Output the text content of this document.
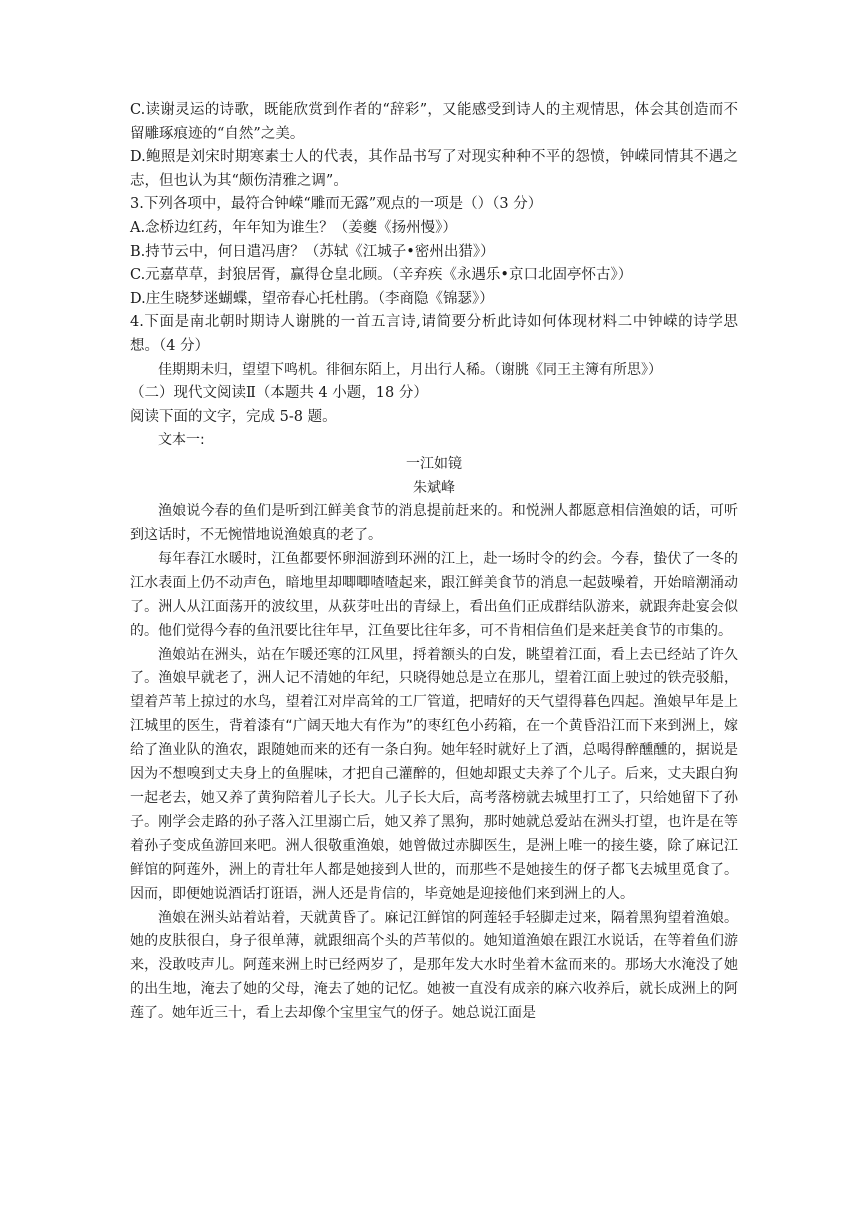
C.读谢灵运的诗歌，既能欣赏到作者的“辞彩”，又能感受到诗人的主观情思，体会其创造而不留雕琢痕迹的“自然”之美。

D.鲍照是刘宋时期寒素士人的代表，其作品书写了对现实种种不平的怨愤，钟嵘同情其不遇之志，但也认为其“颇伤清雅之调”。

3.下列各项中，最符合钟嵘“雕而无露”观点的一项是（）（3 分）

A.念桥边红药，年年知为谁生？（姜夔《扬州慢》）

B.持节云中，何日遣冯唐？（苏轼《江城子•密州出猎》）

C.元嘉草草，封狼居胥，赢得仓皇北顾。（辛弃疾《永遇乐•京口北固亭怀古》）

D.庄生晓梦迷蝴蝶，望帝春心托杜鹃。（李商隐《锦瑟》）

4.下面是南北朝时期诗人谢朓的一首五言诗,请简要分析此诗如何体现材料二中钟嵘的诗学思想。（4 分）

佳期期未归，望望下鸣机。徘徊东陌上，月出行人稀。（谢朓《同王主簿有所思》）

（二）现代文阅读Ⅱ（本题共 4 小题，18 分）

阅读下面的文字，完成 5-8 题。

文本一:

一江如镜

朱斌峰

渔娘说今春的鱼们是听到江鲜美食节的消息提前赶来的。和悦洲人都愿意相信渔娘的话，可听到这话时，不无惋惜地说渔娘真的老了。

每年春江水暖时，江鱼都要怀卵洄游到环洲的江上，赴一场时令的约会。今春，蛰伏了一冬的江水表面上仍不动声色，暗地里却唧唧喳喳起来，跟江鲜美食节的消息一起鼓噪着，开始暗潮涌动了。洲人从江面荡开的波纹里，从荻芽吐出的青绿上，看出鱼们正成群结队游来，就跟奔赴宴会似的。他们觉得今春的鱼汛要比往年早，江鱼要比往年多，可不肯相信鱼们是来赶美食节的市集的。

渔娘站在洲头，站在乍暖还寒的江风里，捋着额头的白发，眺望着江面，看上去已经站了许久了。渔娘早就老了，洲人记不清她的年纪，只晓得她总是立在那儿，望着江面上驶过的铁壳驳船，望着芦苇上掠过的水鸟，望着江对岸高耸的工厂管道，把晴好的天气望得暮色四起。渔娘早年是上江城里的医生，背着漆有“广阔天地大有作为”的枣红色小药箱，在一个黄昏沿江而下来到洲上，嫁给了渔业队的渔农，跟随她而来的还有一条白狗。她年轻时就好上了酒，总喝得醉醺醺的，据说是因为不想嗅到丈夫身上的鱼腥味，才把自己灌醉的，但她却跟丈夫养了个儿子。后来，丈夫跟白狗一起老去，她又养了黄狗陪着儿子长大。儿子长大后，高考落榜就去城里打工了，只给她留下了孙子。刚学会走路的孙子落入江里溺亡后，她又养了黑狗，那时她就总爱站在洲头打望，也许是在等着孙子变成鱼游回来吧。洲人很敬重渔娘，她曾做过赤脚医生，是洲上唯一的接生婆，除了麻记江鲜馆的阿莲外，洲上的青壮年人都是她接到人世的，而那些不是她接生的伢子都飞去城里觅食了。因而，即便她说酒话打诳语，洲人还是肯信的，毕竟她是迎接他们来到洲上的人。

渔娘在洲头站着站着，天就黄昏了。麻记江鲜馆的阿莲轻手轻脚走过来，隔着黑狗望着渔娘。她的皮肤很白，身子很单薄，就跟细高个头的芦苇似的。她知道渔娘在跟江水说话，在等着鱼们游来，没敢吱声儿。阿莲来洲上时已经两岁了，是那年发大水时坐着木盆而来的。那场大水淹没了她的出生地，淹去了她的父母，淹去了她的记忆。她被一直没有成亲的麻六收养后，就长成洲上的阿莲了。她年近三十，看上去却像个宝里宝气的伢子。她总说江面是
